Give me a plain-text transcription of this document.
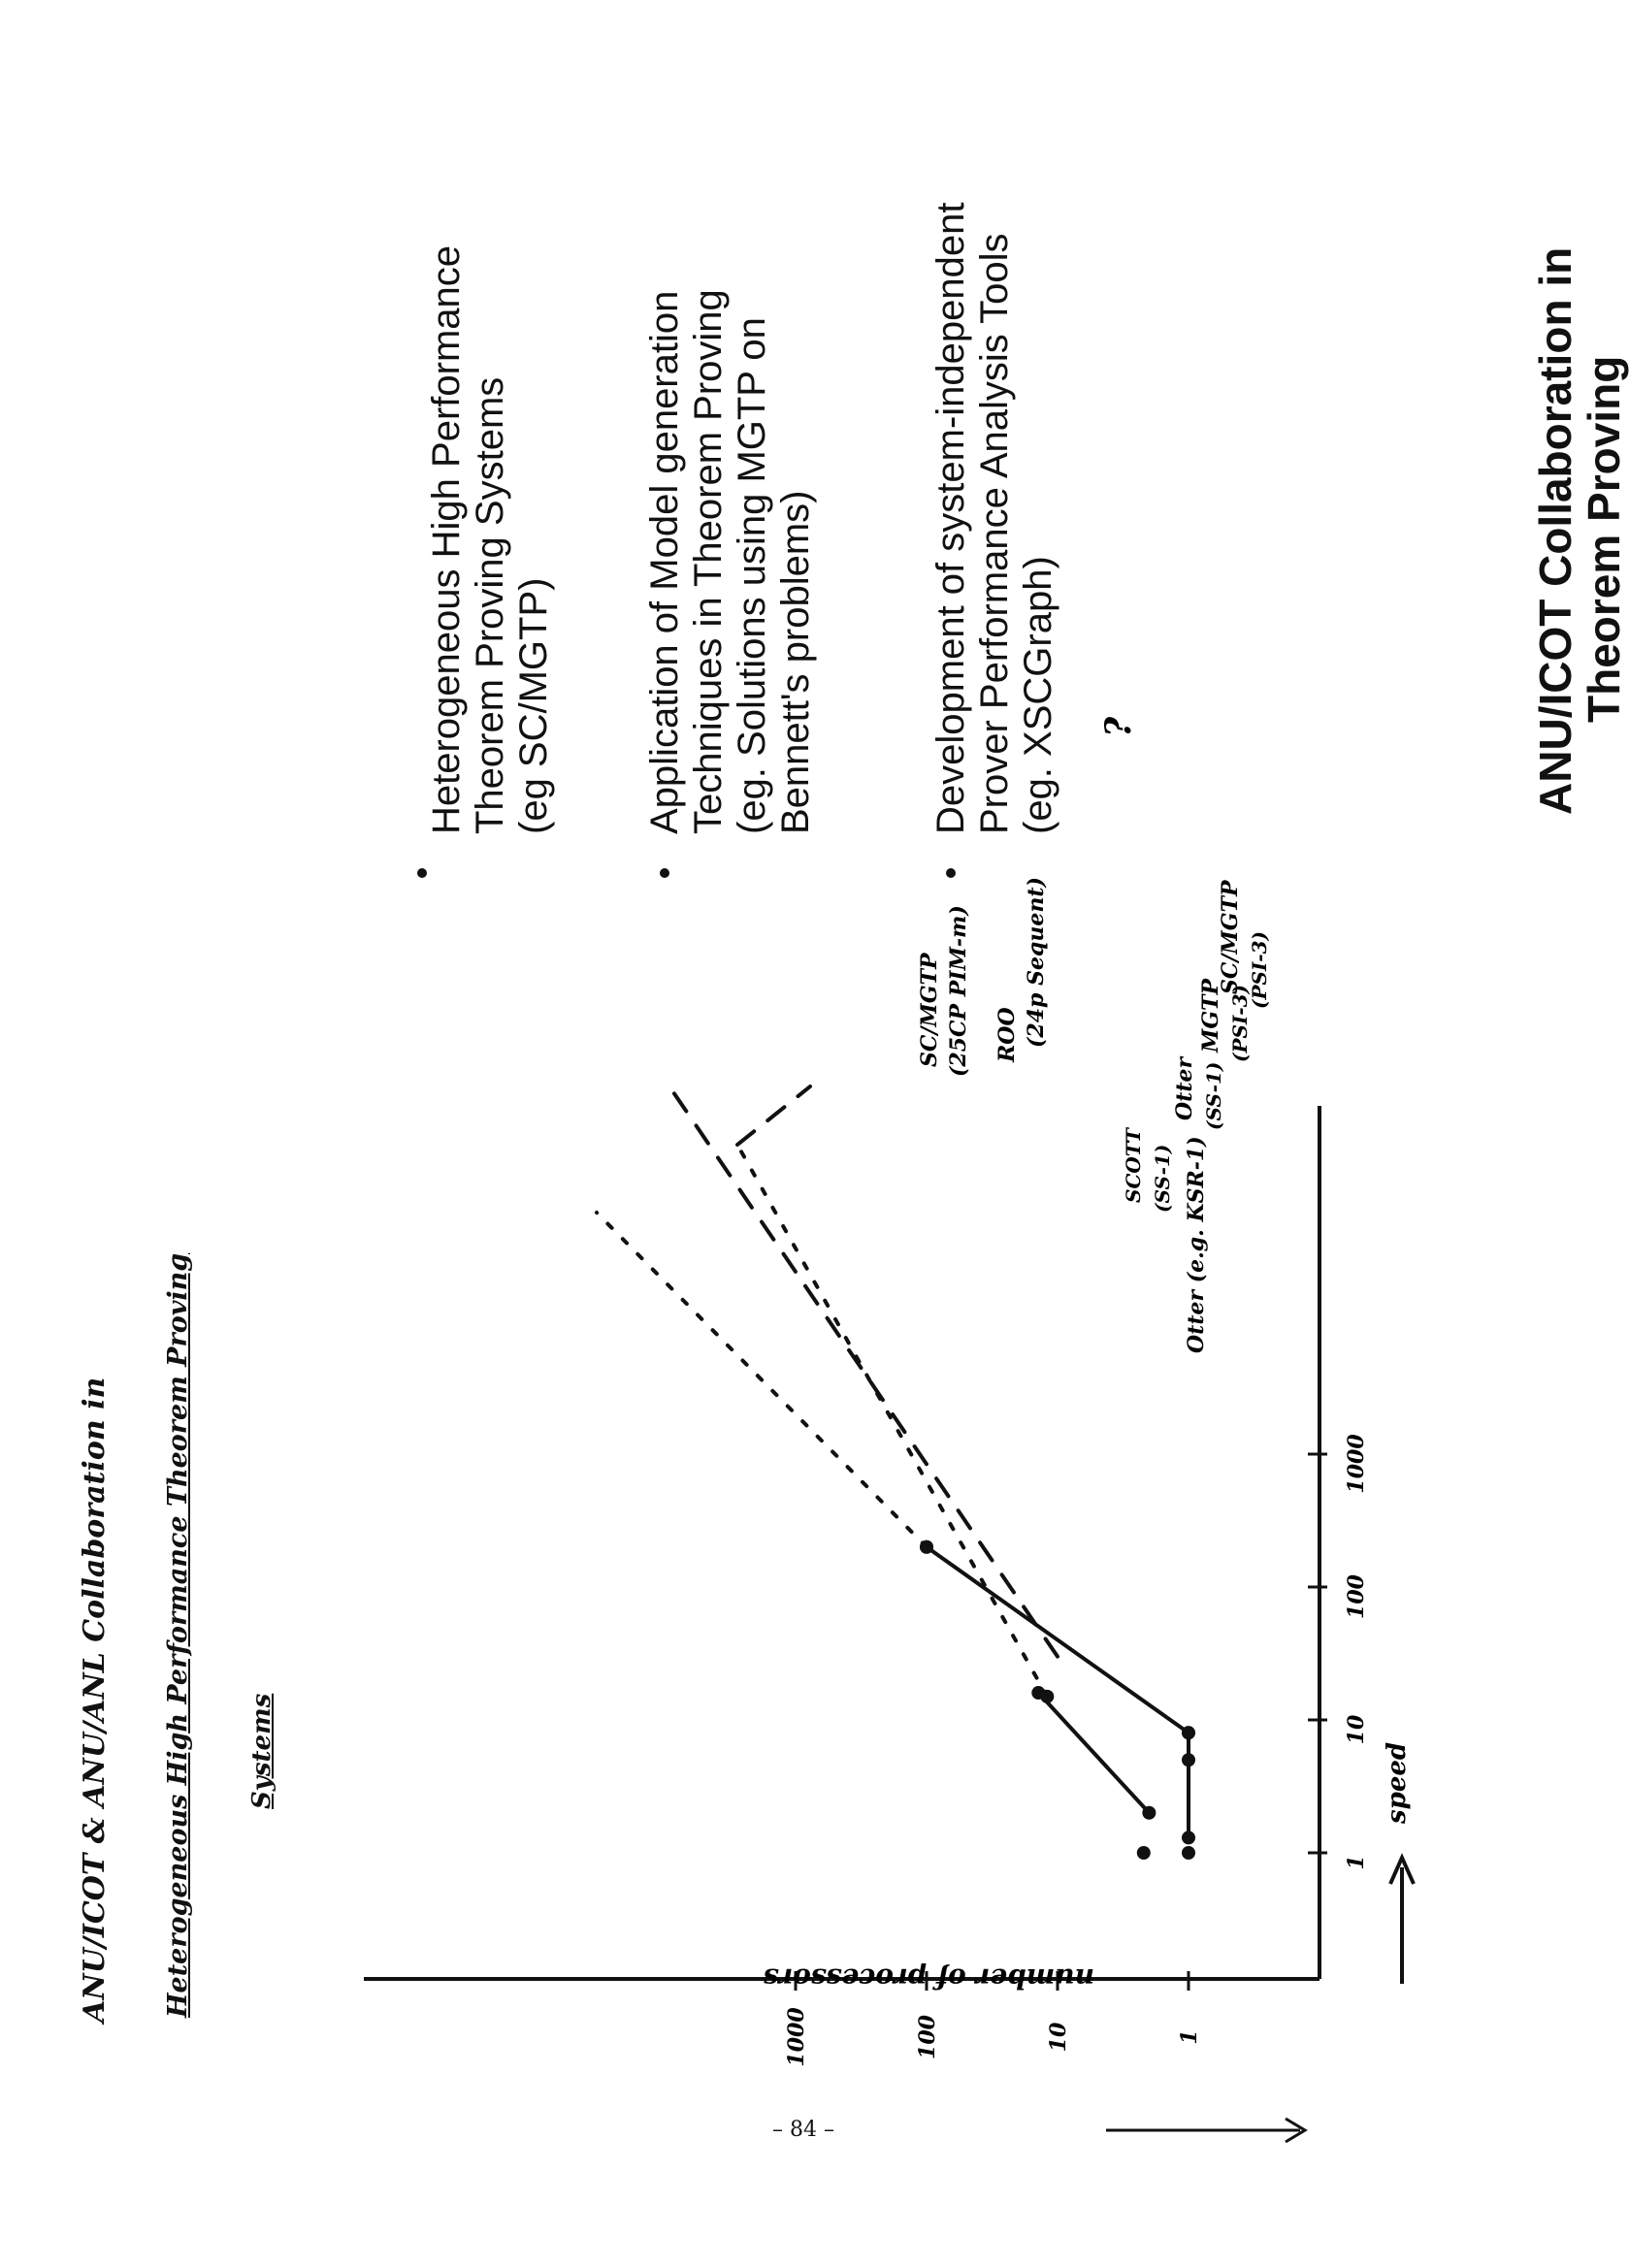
ANU/ICOT Collaboration in
Theorem Proving
Heterogeneous High Performance Theorem Proving Systems (eg SC/MGTP) Application of Model generation Techniques in Theorem Proving (eg. Solutions using MGTP on Bennett's problems)	Development of system-independent Prover Performance Analysis Tools (eg. XSCGraph)
ANU/ICOT & ANU/ANL Collaboration in Heterogeneous High Performance Theorem Proving Systems
1
10
100
1000
1
10
100
1000
speed
number of processors
ROO (24p Sequent)
SCOTT (SS-1)
Otter (SS-1)
MGTP (PSI-3)
SC/MGTP (PSI-3)
Otter (e.g. KSR-1)
SC/MGTP (25CP PIM-m)
?
– 84 –
